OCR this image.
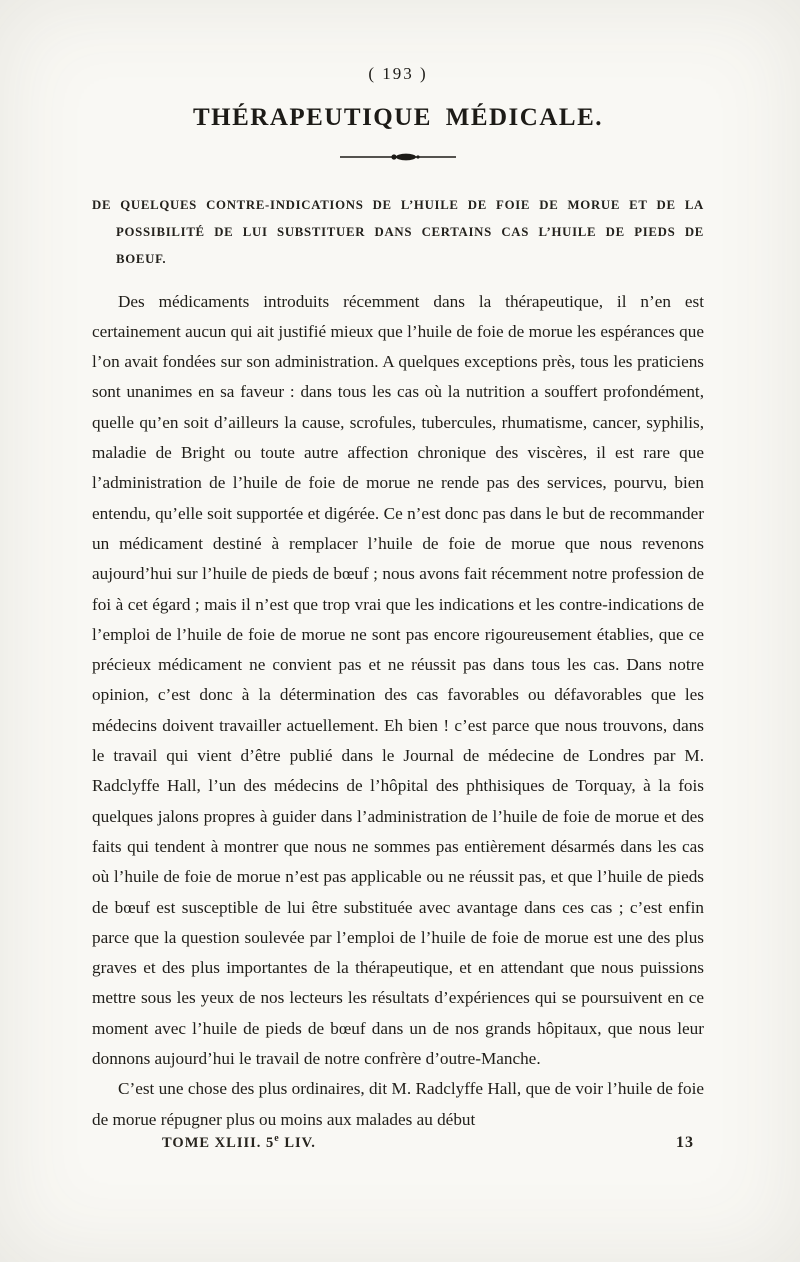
( 193 )
THÉRAPEUTIQUE MÉDICALE.
DE QUELQUES CONTRE-INDICATIONS DE L’HUILE DE FOIE DE MORUE ET DE LA POSSIBILITÉ DE LUI SUBSTITUER DANS CERTAINS CAS L’HUILE DE PIEDS DE BOEUF.

Des médicaments introduits récemment dans la thérapeutique, il n’en est certainement aucun qui ait justifié mieux que l’huile de foie de morue les espérances que l’on avait fondées sur son administration. A quelques exceptions près, tous les praticiens sont unanimes en sa faveur : dans tous les cas où la nutrition a souffert profondément, quelle qu’en soit d’ailleurs la cause, scrofules, tubercules, rhumatisme, cancer, syphilis, maladie de Bright ou toute autre affection chronique des viscères, il est rare que l’administration de l’huile de foie de morue ne rende pas des services, pourvu, bien entendu, qu’elle soit supportée et digérée. Ce n’est donc pas dans le but de recommander un médicament destiné à remplacer l’huile de foie de morue que nous revenons aujourd’hui sur l’huile de pieds de bœuf ; nous avons fait récemment notre profession de foi à cet égard ; mais il n’est que trop vrai que les indications et les contre-indications de l’emploi de l’huile de foie de morue ne sont pas encore rigoureusement établies, que ce précieux médicament ne convient pas et ne réussit pas dans tous les cas. Dans notre opinion, c’est donc à la détermination des cas favorables ou défavorables que les médecins doivent travailler actuellement. Eh bien ! c’est parce que nous trouvons, dans le travail qui vient d’être publié dans le Journal de médecine de Londres par M. Radclyffe Hall, l’un des médecins de l’hôpital des phthisiques de Torquay, à la fois quelques jalons propres à guider dans l’administration de l’huile de foie de morue et des faits qui tendent à montrer que nous ne sommes pas entièrement désarmés dans les cas où l’huile de foie de morue n’est pas applicable ou ne réussit pas, et que l’huile de pieds de bœuf est susceptible de lui être substituée avec avantage dans ces cas ; c’est enfin parce que la question soulevée par l’emploi de l’huile de foie de morue est une des plus graves et des plus importantes de la thérapeutique, et en attendant que nous puissions mettre sous les yeux de nos lecteurs les résultats d’expériences qui se poursuivent en ce moment avec l’huile de pieds de bœuf dans un de nos grands hôpitaux, que nous leur donnons aujourd’hui le travail de notre confrère d’outre-Manche.

C’est une chose des plus ordinaires, dit M. Radclyffe Hall, que de voir l’huile de foie de morue répugner plus ou moins aux malades au début

TOME XLIII. 5e LIV.	13
